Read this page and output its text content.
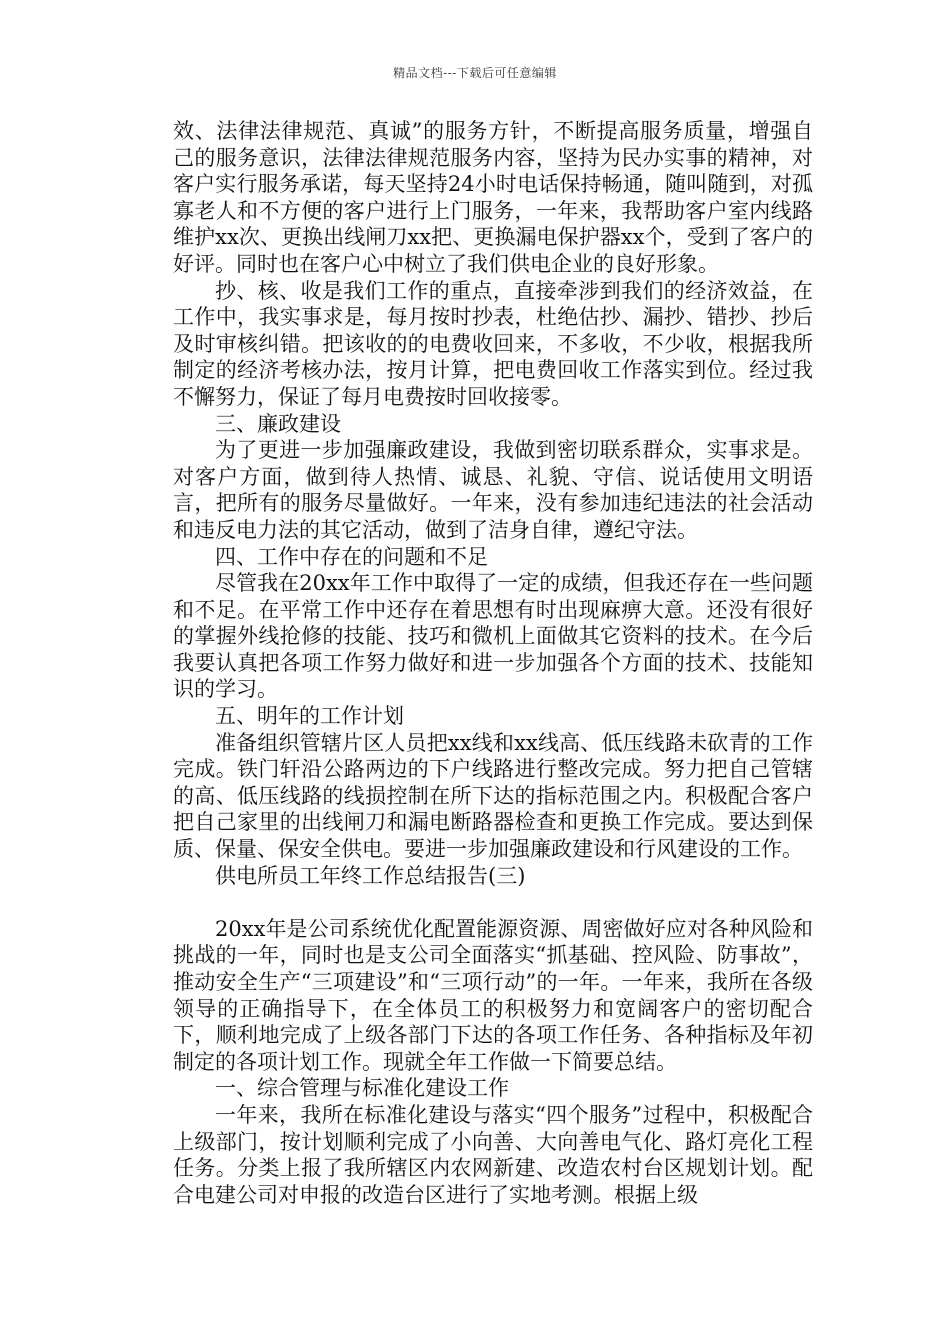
精品文档---下载后可任意编辑

效、法律法律规范、真诚”的服务方针，不断提高服务质量，增强自己的服务意识，法律法律规范服务内容，坚持为民办实事的精神，对客户实行服务承诺，每天坚持24小时电话保持畅通，随叫随到，对孤寡老人和不方便的客户进行上门服务，一年来，我帮助客户室内线路维护xx次、更换出线闸刀xx把、更换漏电保护器xx个，受到了客户的好评。同时也在客户心中树立了我们供电企业的良好形象。

抄、核、收是我们工作的重点，直接牵涉到我们的经济效益，在工作中，我实事求是，每月按时抄表，杜绝估抄、漏抄、错抄、抄后及时审核纠错。把该收的的电费收回来，不多收，不少收，根据我所制定的经济考核办法，按月计算，把电费回收工作落实到位。经过我不懈努力，保证了每月电费按时回收接零。

三、廉政建设

为了更进一步加强廉政建设，我做到密切联系群众，实事求是。对客户方面，做到待人热情、诚恳、礼貌、守信、说话使用文明语言，把所有的服务尽量做好。一年来，没有参加违纪违法的社会活动和违反电力法的其它活动，做到了洁身自律，遵纪守法。

四、工作中存在的问题和不足

尽管我在20xx年工作中取得了一定的成绩，但我还存在一些问题和不足。在平常工作中还存在着思想有时出现麻痹大意。还没有很好的掌握外线抢修的技能、技巧和微机上面做其它资料的技术。在今后我要认真把各项工作努力做好和进一步加强各个方面的技术、技能知识的学习。

五、明年的工作计划

准备组织管辖片区人员把xx线和xx线高、低压线路未砍青的工作完成。铁门轩沿公路两边的下户线路进行整改完成。努力把自己管辖的高、低压线路的线损控制在所下达的指标范围之内。积极配合客户把自己家里的出线闸刀和漏电断路器检查和更换工作完成。要达到保质、保量、保安全供电。要进一步加强廉政建设和行风建设的工作。

供电所员工年终工作总结报告(三)

20xx年是公司系统优化配置能源资源、周密做好应对各种风险和挑战的一年，同时也是支公司全面落实“抓基础、控风险、防事故”，推动安全生产“三项建设”和“三项行动”的一年。一年来，我所在各级领导的正确指导下，在全体员工的积极努力和宽阔客户的密切配合下，顺利地完成了上级各部门下达的各项工作任务、各种指标及年初制定的各项计划工作。现就全年工作做一下简要总结。

一、综合管理与标准化建设工作

一年来，我所在标准化建设与落实“四个服务”过程中，积极配合上级部门，按计划顺利完成了小向善、大向善电气化、路灯亮化工程任务。分类上报了我所辖区内农网新建、改造农村台区规划计划。配合电建公司对申报的改造台区进行了实地考测。根据上级
